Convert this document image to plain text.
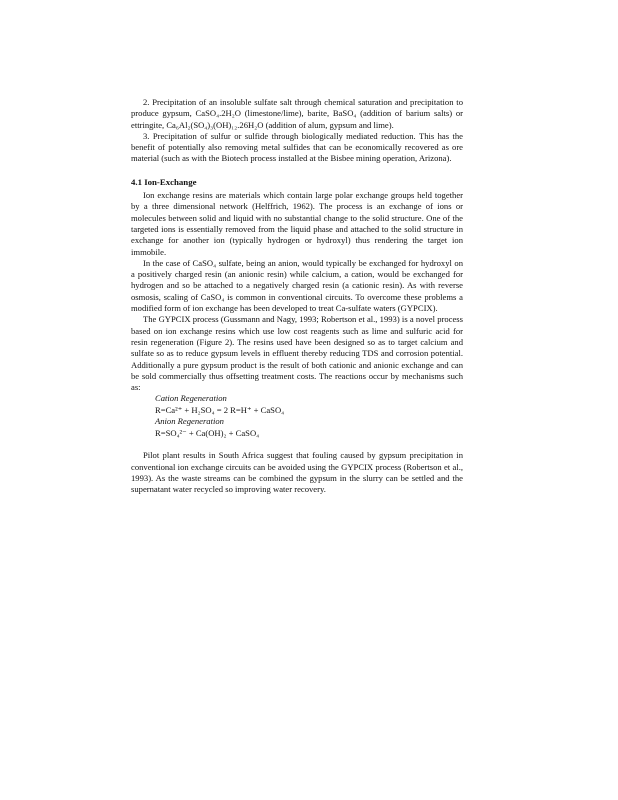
2. Precipitation of an insoluble sulfate salt through chemical saturation and precipitation to produce gypsum, CaSO₄.2H₂O (limestone/lime), barite, BaSO₄ (addition of barium salts) or ettringite, Ca₆Al₂(SO₄)₃(OH)₁₂.26H₂O (addition of alum, gypsum and lime).

3. Precipitation of sulfur or sulfide through biologically mediated reduction. This has the benefit of potentially also removing metal sulfides that can be economically recovered as ore material (such as with the Biotech process installed at the Bisbee mining operation, Arizona).

4.1 Ion-Exchange

Ion exchange resins are materials which contain large polar exchange groups held together by a three dimensional network (Helffrich, 1962). The process is an exchange of ions or molecules between solid and liquid with no substantial change to the solid structure. One of the targeted ions is essentially removed from the liquid phase and attached to the solid structure in exchange for another ion (typically hydrogen or hydroxyl) thus rendering the target ion immobile.

In the case of CaSO₄ sulfate, being an anion, would typically be exchanged for hydroxyl on a positively charged resin (an anionic resin) while calcium, a cation, would be exchanged for hydrogen and so be attached to a negatively charged resin (a cationic resin). As with reverse osmosis, scaling of CaSO₄ is common in conventional circuits. To overcome these problems a modified form of ion exchange has been developed to treat Ca-sulfate waters (GYPCIX).

The GYPCIX process (Gussmann and Nagy, 1993; Robertson et al., 1993) is a novel process based on ion exchange resins which use low cost reagents such as lime and sulfuric acid for resin regeneration (Figure 2). The resins used have been designed so as to target calcium and sulfate so as to reduce gypsum levels in effluent thereby reducing TDS and corrosion potential. Additionally a pure gypsum product is the result of both cationic and anionic exchange and can be sold commercially thus offsetting treatment costs. The reactions occur by mechanisms such as:

Cation Regeneration

R=Ca²⁺ + H₂SO₄ = 2 R=H⁺ + CaSO₄

Anion Regeneration

R=SO₄²⁻ + Ca(OH)₂ + CaSO₄

Pilot plant results in South Africa suggest that fouling caused by gypsum precipitation in conventional ion exchange circuits can be avoided using the GYPCIX process (Robertson et al., 1993). As the waste streams can be combined the gypsum in the slurry can be settled and the supernatant water recycled so improving water recovery.
